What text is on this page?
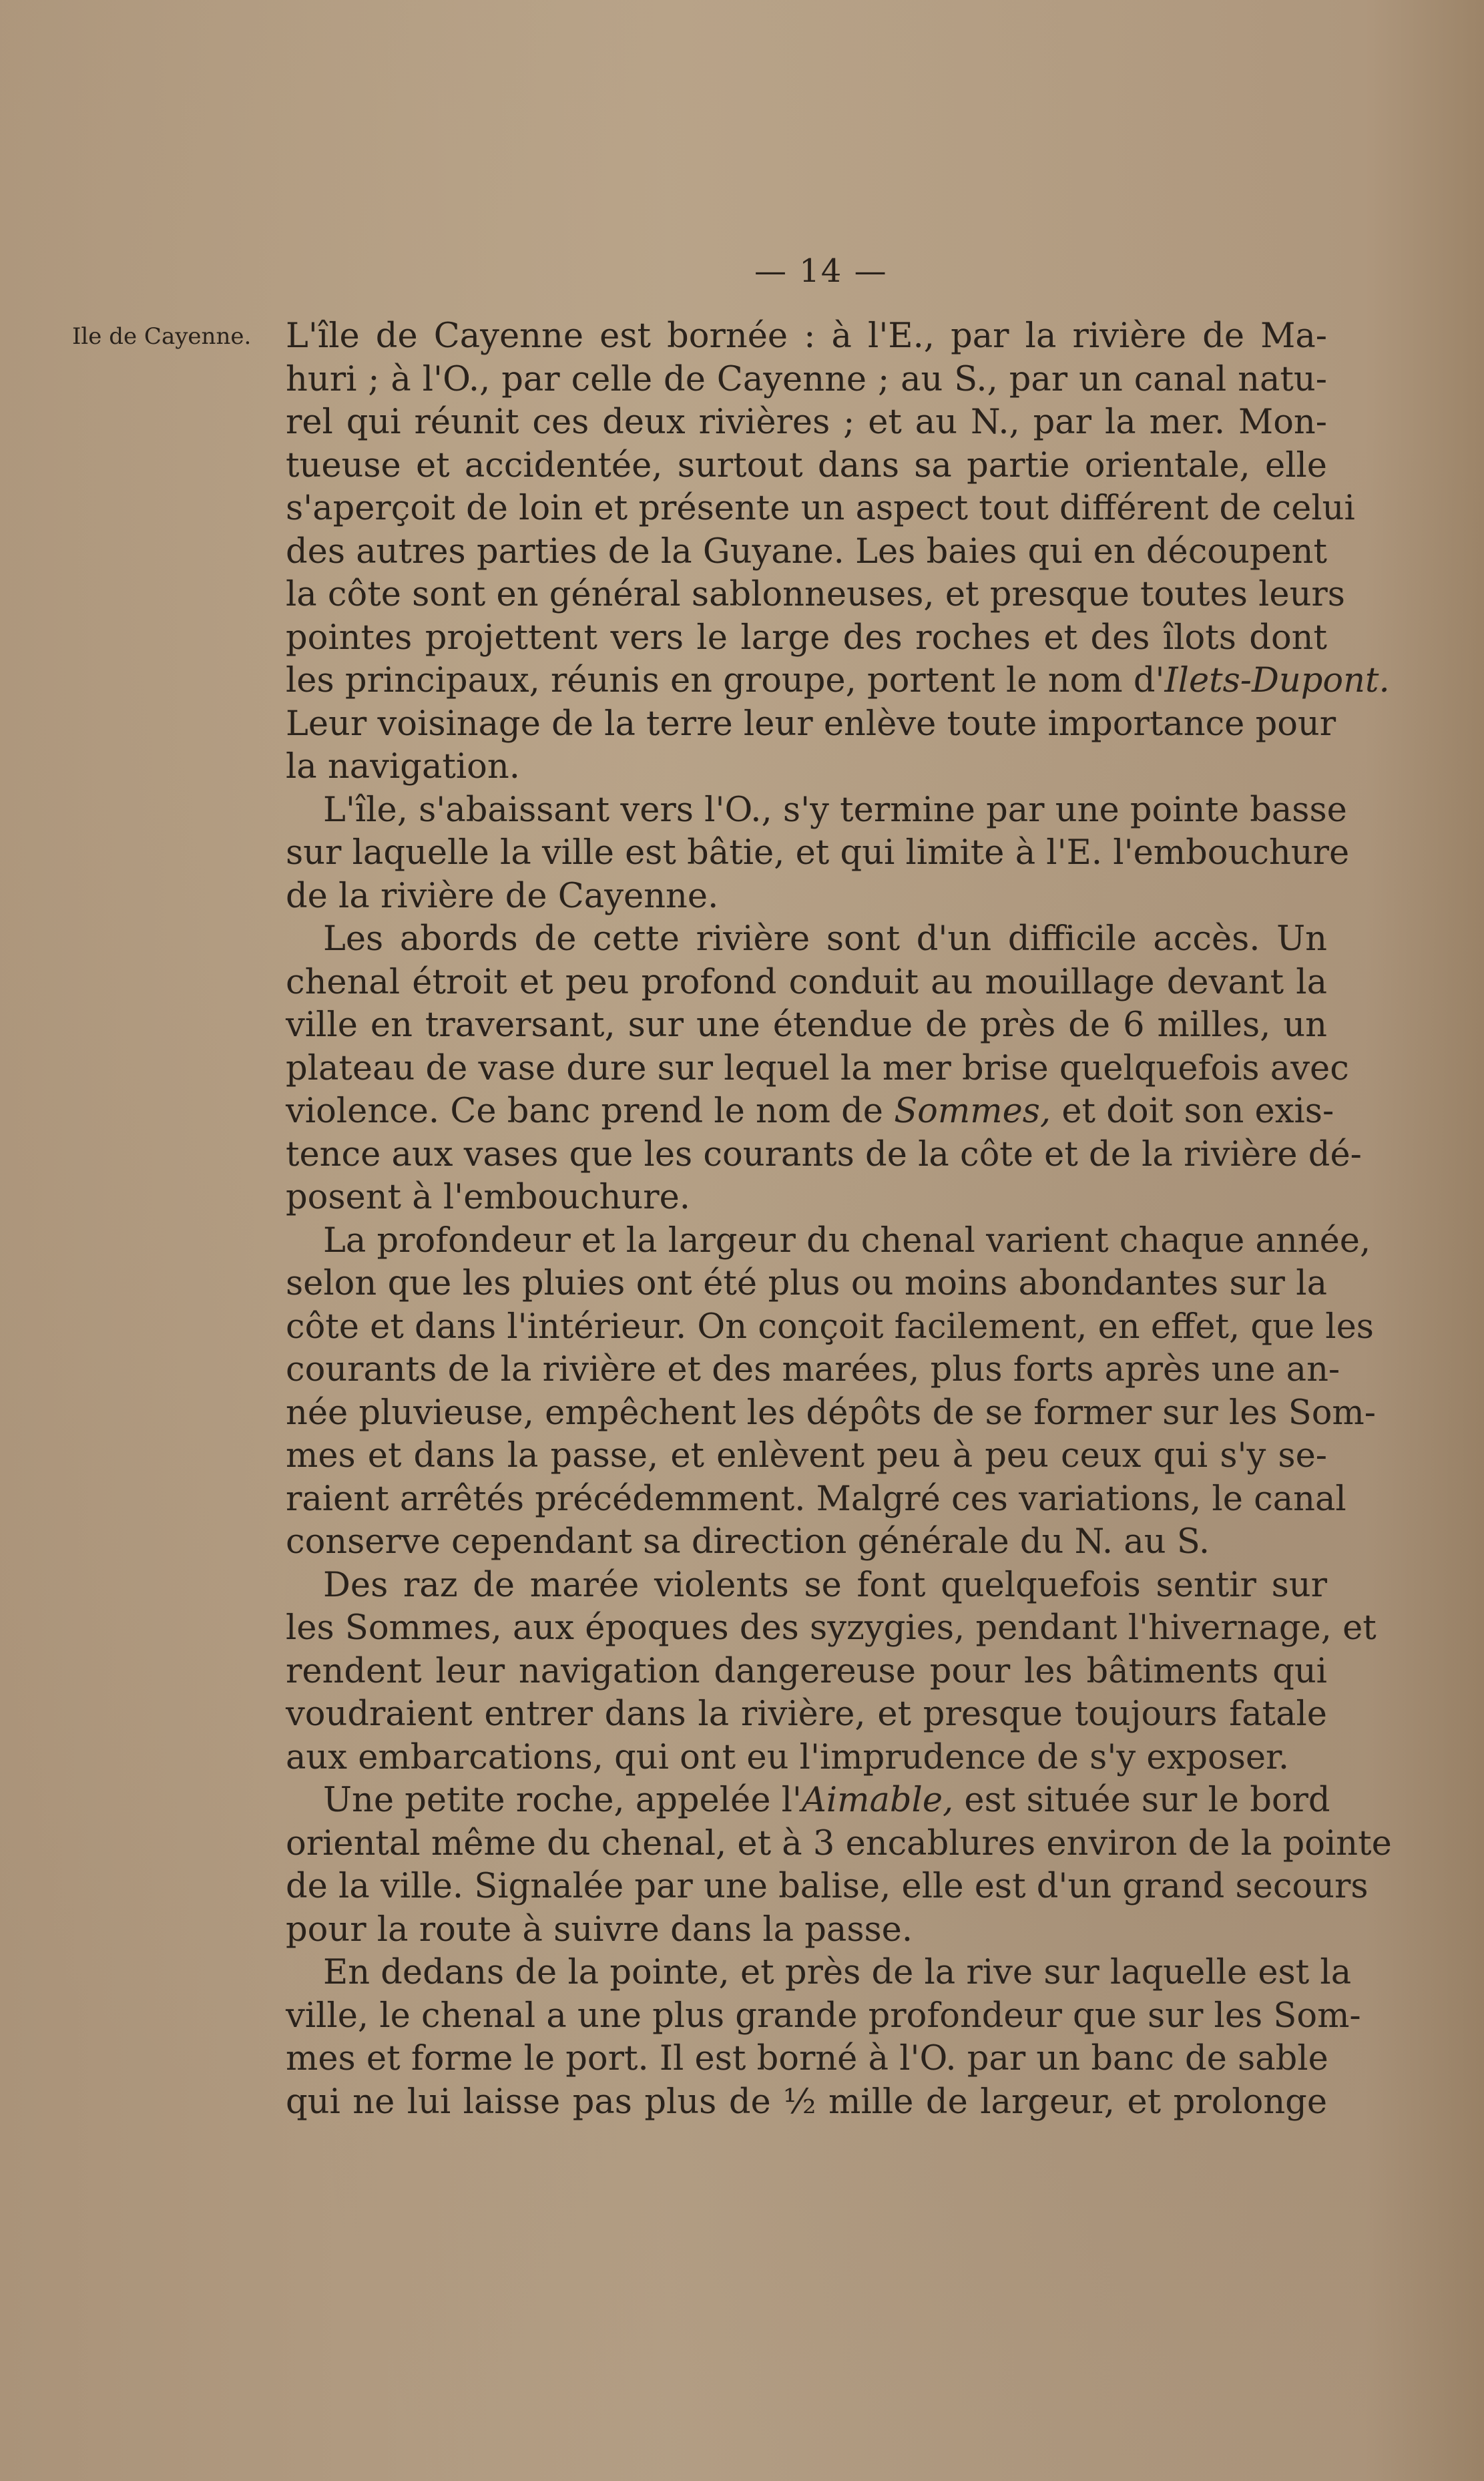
— 14 —
Ile de Cayenne. L'île de Cayenne est bornée : à l'E., par la rivière de Ma-
huri ; à l'O., par celle de Cayenne ; au S., par un canal natu-
rel qui réunit ces deux rivières ; et au N., par la mer. Mon-
tueuse et accidentée, surtout dans sa partie orientale, elle
s'aperçoit de loin et présente un aspect tout différent de celui
des autres parties de la Guyane. Les baies qui en découpent
la côte sont en général sablonneuses, et presque toutes leurs
pointes projettent vers le large des roches et des îlots dont
les principaux, réunis en groupe, portent le nom d'Ilets-Dupont.
Leur voisinage de la terre leur enlève toute importance pour
la navigation.
L'île, s'abaissant vers l'O., s'y termine par une pointe basse
sur laquelle la ville est bâtie, et qui limite à l'E. l'embouchure
de la rivière de Cayenne.
Les abords de cette rivière sont d'un difficile accès. Un
chenal étroit et peu profond conduit au mouillage devant la
ville en traversant, sur une étendue de près de 6 milles, un
plateau de vase dure sur lequel la mer brise quelquefois avec
violence. Ce banc prend le nom de Sommes, et doit son exis-
tence aux vases que les courants de la côte et de la rivière dé-
posent à l'embouchure.
La profondeur et la largeur du chenal varient chaque année,
selon que les pluies ont été plus ou moins abondantes sur la
côte et dans l'intérieur. On conçoit facilement, en effet, que les
courants de la rivière et des marées, plus forts après une an-
née pluvieuse, empêchent les dépôts de se former sur les Som-
mes et dans la passe, et enlèvent peu à peu ceux qui s'y se-
raient arrêtés précédemment. Malgré ces variations, le canal
conserve cependant sa direction générale du N. au S.
Des raz de marée violents se font quelquefois sentir sur
les Sommes, aux époques des syzygies, pendant l'hivernage, et
rendent leur navigation dangereuse pour les bâtiments qui
voudraient entrer dans la rivière, et presque toujours fatale
aux embarcations, qui ont eu l'imprudence de s'y exposer.
Une petite roche, appelée l'Aimable, est située sur le bord
oriental même du chenal, et à 3 encablures environ de la pointe
de la ville. Signalée par une balise, elle est d'un grand secours
pour la route à suivre dans la passe.
En dedans de la pointe, et près de la rive sur laquelle est la
ville, le chenal a une plus grande profondeur que sur les Som-
mes et forme le port. Il est borné à l'O. par un banc de sable
qui ne lui laisse pas plus de ½ mille de largeur, et prolonge
